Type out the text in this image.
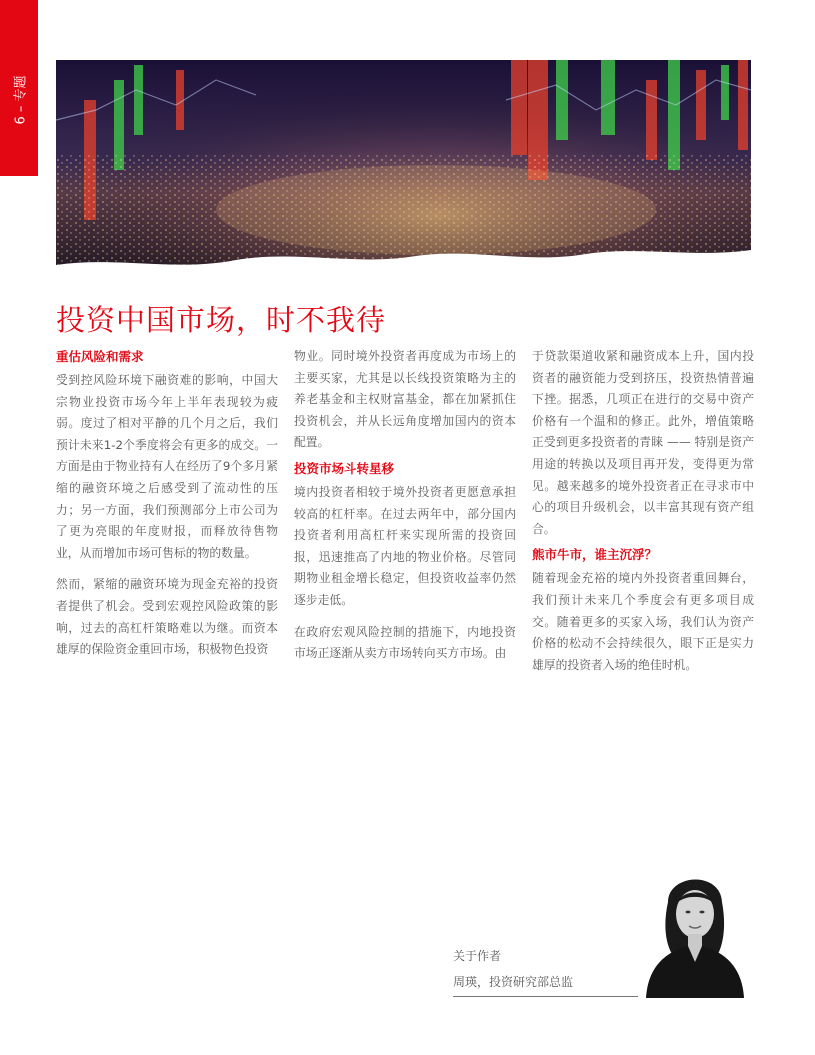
6 – 专题
投资中国市场，时不我待
重估风险和需求

受到控风险环境下融资难的影响，中国大宗物业投资市场今年上半年表现较为疲弱。度过了相对平静的几个月之后，我们预计未来1-2个季度将会有更多的成交。一方面是由于物业持有人在经历了9个多月紧缩的融资环境之后感受到了流动性的压力；另一方面，我们预测部分上市公司为了更为亮眼的年度财报，而释放待售物业，从而增加市场可售标的物的数量。

然而，紧缩的融资环境为现金充裕的投资者提供了机会。受到宏观控风险政策的影响，过去的高杠杆策略难以为继。而资本雄厚的保险资金重回市场，积极物色投资

物业。同时境外投资者再度成为市场上的主要买家，尤其是以长线投资策略为主的养老基金和主权财富基金，都在加紧抓住投资机会，并从长远角度增加国内的资本配置。

投资市场斗转星移

境内投资者相较于境外投资者更愿意承担较高的杠杆率。在过去两年中，部分国内投资者利用高杠杆来实现所需的投资回报，迅速推高了内地的物业价格。尽管同期物业租金增长稳定，但投资收益率仍然逐步走低。

在政府宏观风险控制的措施下，内地投资市场正逐渐从卖方市场转向买方市场。由

于贷款渠道收紧和融资成本上升，国内投资者的融资能力受到挤压，投资热情普遍下挫。据悉，几项正在进行的交易中资产价格有一个温和的修正。此外，增值策略正受到更多投资者的青睐 —— 特别是资产用途的转换以及项目再开发，变得更为常见。越来越多的境外投资者正在寻求市中心的项目升级机会，以丰富其现有资产组合。

熊市牛市，谁主沉浮？

随着现金充裕的境内外投资者重回舞台，我们预计未来几个季度会有更多项目成交。随着更多的买家入场，我们认为资产价格的松动不会持续很久，眼下正是实力雄厚的投资者入场的绝佳时机。

关于作者
周瑛，投资研究部总监
